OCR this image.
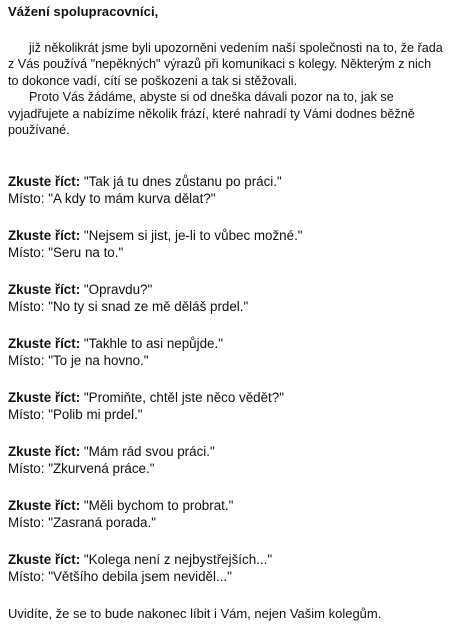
Vážení spolupracovníci,

již několikrát jsme byli upozorněni vedením naší společnosti na to, že řada z Vás používá "nepěkných" výrazů při komunikaci s kolegy. Některým z nich to dokonce vadí, cítí se poškozeni a tak si stěžovali.

Proto Vás žádáme, abyste si od dneška dávali pozor na to, jak se vyjadřujete a nabízíme několik frází, které nahradí ty Vámi dodnes běžně používané.

Zkuste říct: "Tak já tu dnes zůstanu po práci."
Místo: "A kdy to mám kurva dělat?"
Zkuste říct: "Nejsem si jist, je-li to vůbec možné."
Místo: "Seru na to."
Zkuste říct: "Opravdu?"
Místo: "No ty si snad ze mě děláš prdel."
Zkuste říct: "Takhle to asi nepůjde."
Místo: "To je na hovno."
Zkuste říct: "Promiňte, chtěl jste něco vědět?"
Místo: "Polib mi prdel."
Zkuste říct: "Mám rád svou práci."
Místo: "Zkurvená práce."
Zkuste říct: "Měli bychom to probrat."
Místo: "Zasraná porada."
Zkuste říct: "Kolega není z nejbystřejších..."
Místo: "Většího debila jsem neviděl..."
Uvidíte, že se to bude nakonec líbit i Vám, nejen Vašim kolegům.
